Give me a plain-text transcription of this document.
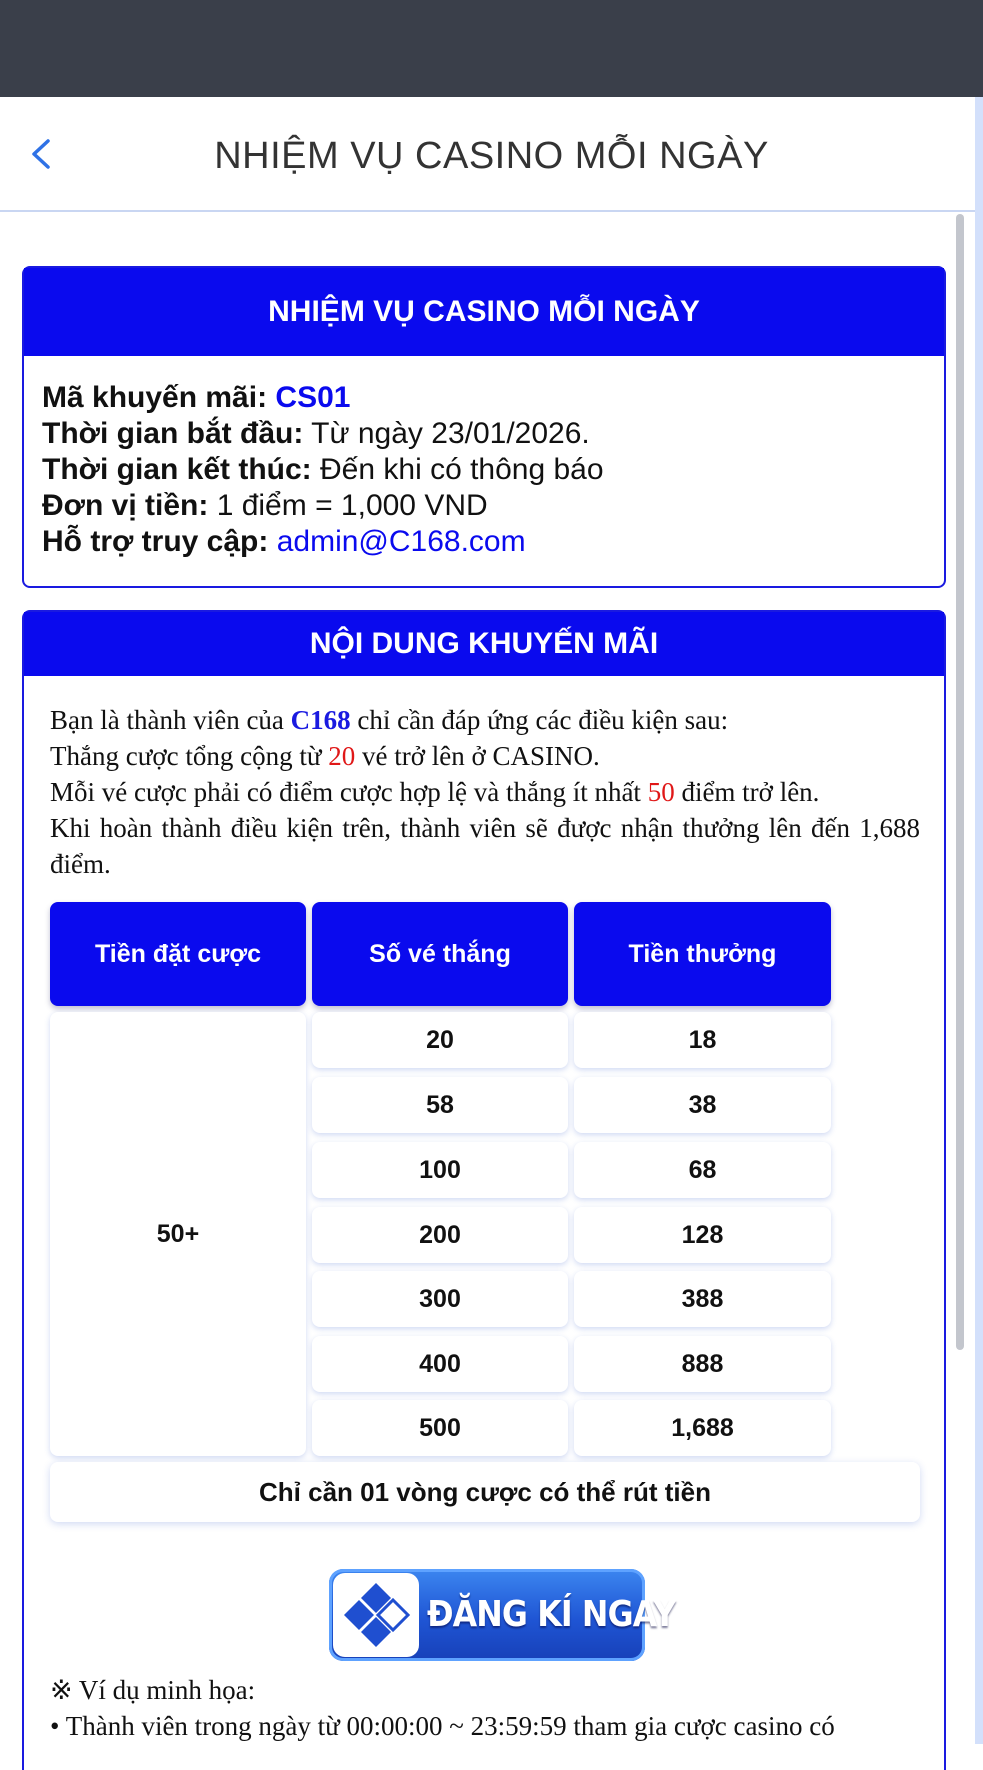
NHIỆM VỤ CASINO MỖI NGÀY
NHIỆM VỤ CASINO MỖI NGÀY
Mã khuyến mãi: CS01
Thời gian bắt đầu: Từ ngày 23/01/2026.
Thời gian kết thúc: Đến khi có thông báo
Đơn vị tiền: 1 điểm = 1,000 VND
Hỗ trợ truy cập: admin@C168.com
NỘI DUNG KHUYẾN MÃI
Bạn là thành viên của C168 chỉ cần đáp ứng các điều kiện sau:
Thắng cược tổng cộng từ 20 vé trở lên ở CASINO.
Mỗi vé cược phải có điểm cược hợp lệ và thắng ít nhất 50 điểm trở lên.
Khi hoàn thành điều kiện trên, thành viên sẽ được nhận thưởng lên đến 1,688 điểm.
Tiền đặt cược	Số vé thắng	Tiền thưởng
50+
20	18
58	38
100	68
200	128
300	388
400	888
500	1,688
Chỉ cần 01 vòng cược có thể rút tiền
ĐĂNG KÍ NGAY
※ Ví dụ minh họa:
• Thành viên trong ngày từ 00:00:00 ~ 23:59:59 tham gia cược casino có
